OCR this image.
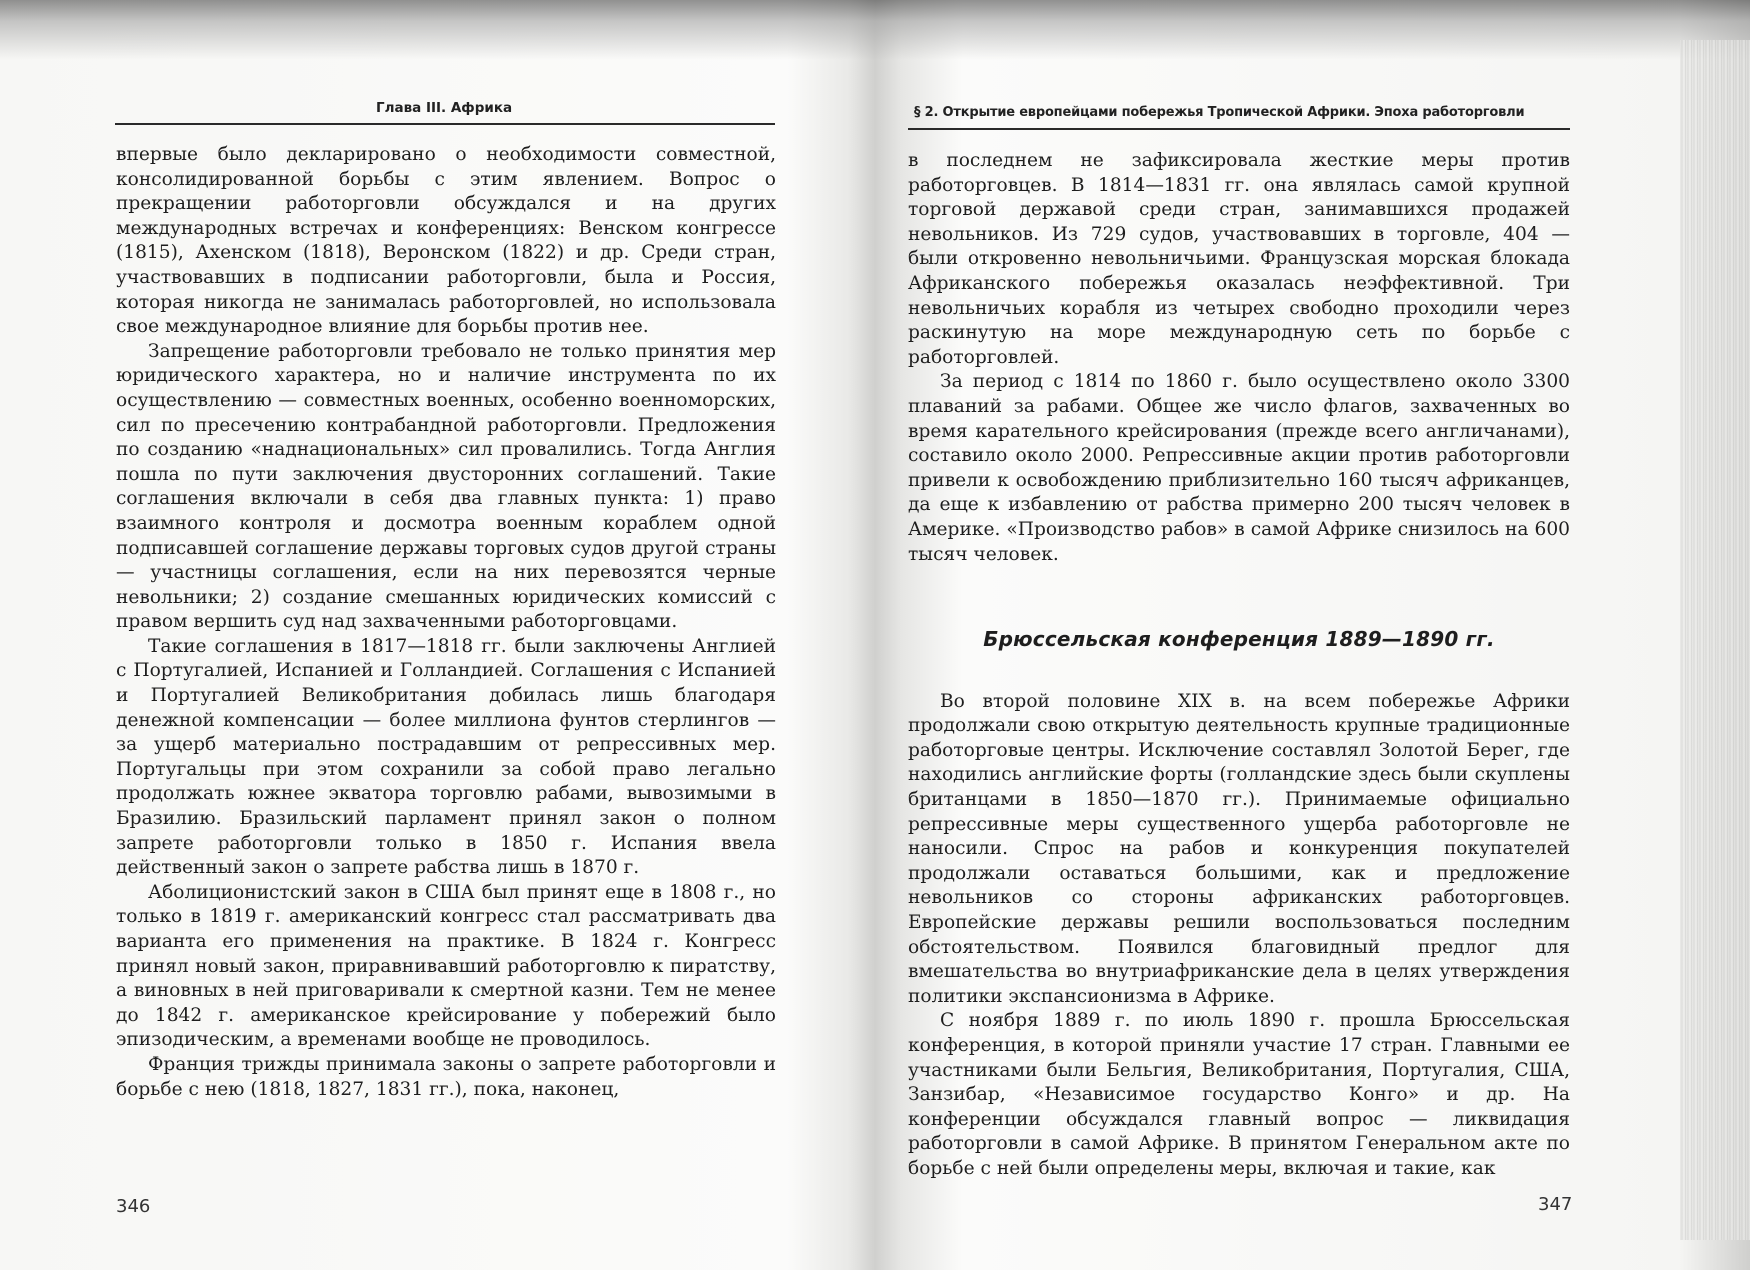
Глава III. Африка

впервые было декларировано о необходимости совместной, консолидированной борьбы с этим явлением. Вопрос о прекращении работорговли обсуждался и на других международных встречах и конференциях: Венском конгрессе (1815), Ахенском (1818), Веронском (1822) и др. Среди стран, участвовавших в подписании работорговли, была и Россия, которая никогда не занималась работорговлей, но использовала свое международное влияние для борьбы против нее.

Запрещение работорговли требовало не только принятия мер юридического характера, но и наличие инструмента по их осуществлению — совместных военных, особенно военноморских, сил по пресечению контрабандной работорговли. Предложения по созданию «наднациональных» сил провалились. Тогда Англия пошла по пути заключения двусторонних соглашений. Такие соглашения включали в себя два главных пункта: 1) право взаимного контроля и досмотра военным кораблем одной подписавшей соглашение державы торговых судов другой страны — участницы соглашения, если на них перевозятся черные невольники; 2) создание смешанных юридических комиссий с правом вершить суд над захваченными работорговцами.

Такие соглашения в 1817—1818 гг. были заключены Англией с Португалией, Испанией и Голландией. Соглашения с Испанией и Португалией Великобритания добилась лишь благодаря денежной компенсации — более миллиона фунтов стерлингов — за ущерб материально пострадавшим от репрессивных мер. Португальцы при этом сохранили за собой право легально продолжать южнее экватора торговлю рабами, вывозимыми в Бразилию. Бразильский парламент принял закон о полном запрете работорговли только в 1850 г. Испания ввела действенный закон о запрете рабства лишь в 1870 г.

Аболиционистский закон в США был принят еще в 1808 г., но только в 1819 г. американский конгресс стал рассматривать два варианта его применения на практике. В 1824 г. Конгресс принял новый закон, приравнивавший работорговлю к пиратству, а виновных в ней приговаривали к смертной казни. Тем не менее до 1842 г. американское крейсирование у побережий было эпизодическим, а временами вообще не проводилось.

Франция трижды принимала законы о запрете работорговли и борьбе с нею (1818, 1827, 1831 гг.), пока, наконец,

346
§ 2. Открытие европейцами побережья Тропической Африки. Эпоха работорговли

в последнем не зафиксировала жесткие меры против работорговцев. В 1814—1831 гг. она являлась самой крупной торговой державой среди стран, занимавшихся продажей невольников. Из 729 судов, участвовавших в торговле, 404 — были откровенно невольничьими. Французская морская блокада Африканского побережья оказалась неэффективной. Три невольничьих корабля из четырех свободно проходили через раскинутую на море международную сеть по борьбе с работорговлей.

За период с 1814 по 1860 г. было осуществлено около 3300 плаваний за рабами. Общее же число флагов, захваченных во время карательного крейсирования (прежде всего англичанами), составило около 2000. Репрессивные акции против работорговли привели к освобождению приблизительно 160 тысяч африканцев, да еще к избавлению от рабства примерно 200 тысяч человек в Америке. «Производство рабов» в самой Африке снизилось на 600 тысяч человек.

Брюссельская конференция 1889—1890 гг.

Во второй половине XIX в. на всем побережье Африки продолжали свою открытую деятельность крупные традиционные работорговые центры. Исключение составлял Золотой Берег, где находились английские форты (голландские здесь были скуплены британцами в 1850—1870 гг.). Принимаемые официально репрессивные меры существенного ущерба работорговле не наносили. Спрос на рабов и конкуренция покупателей продолжали оставаться большими, как и предложение невольников со стороны африканских работорговцев. Европейские державы решили воспользоваться последним обстоятельством. Появился благовидный предлог для вмешательства во внутриафриканские дела в целях утверждения политики экспансионизма в Африке.

С ноября 1889 г. по июль 1890 г. прошла Брюссельская конференция, в которой приняли участие 17 стран. Главными ее участниками были Бельгия, Великобритания, Португалия, США, Занзибар, «Независимое государство Конго» и др. На конференции обсуждался главный вопрос — ликвидация работорговли в самой Африке. В принятом Генеральном акте по борьбе с ней были определены меры, включая и такие, как

347
